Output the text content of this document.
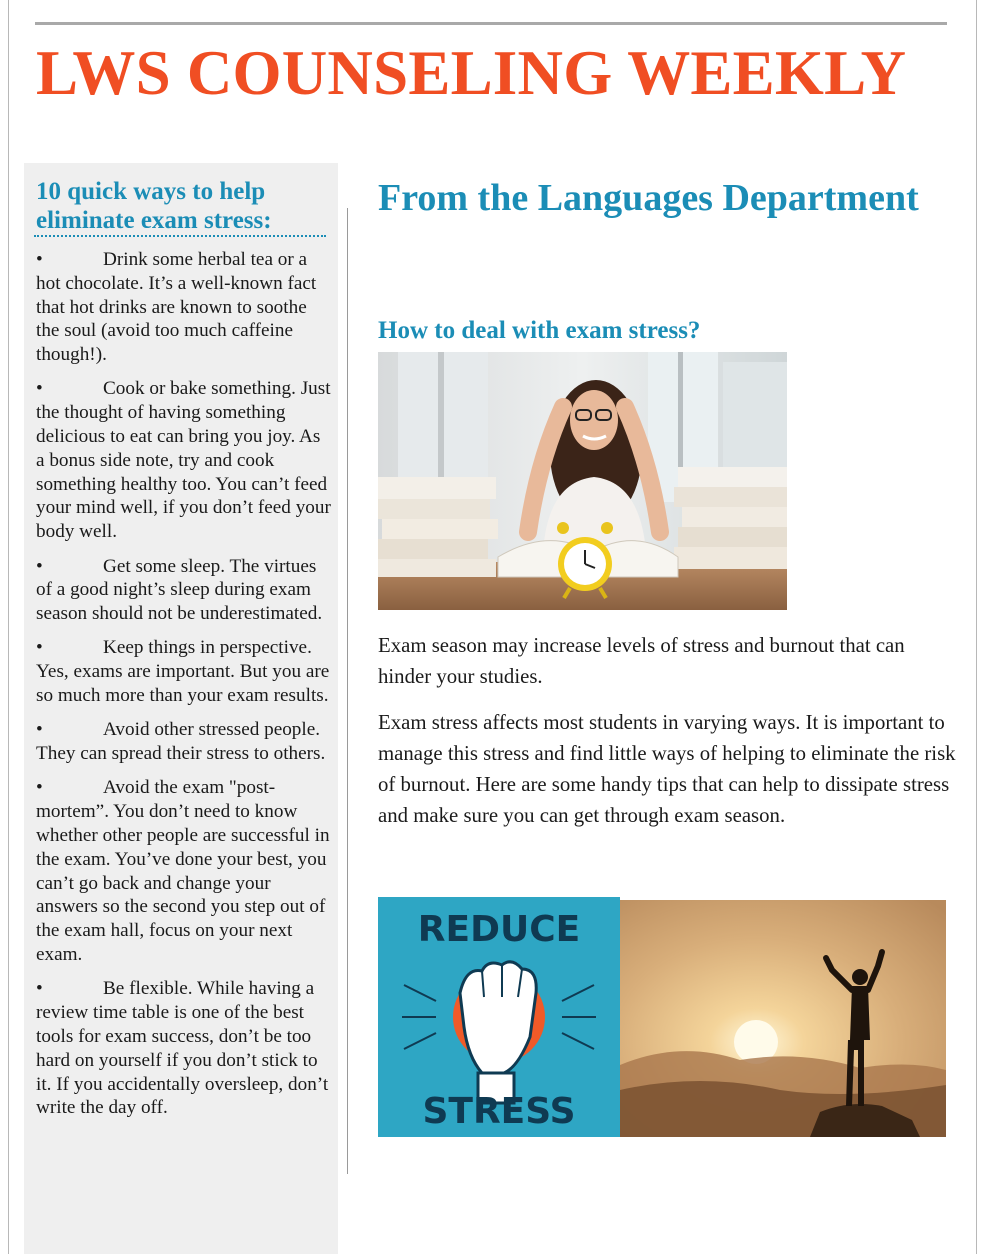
LWS COUNSELING WEEKLY
10 quick ways to help eliminate exam stress:

•	Drink some herbal tea or a hot chocolate. It’s a well-known fact that hot drinks are known to soothe the soul (avoid too much caffeine though!).

•	Cook or bake something. Just the thought of having something delicious to eat can bring you joy. As a bonus side note, try and cook something healthy too. You can’t feed your mind well, if you don’t feed your body well.

•	Get some sleep. The virtues of a good night’s sleep during exam season should not be underestimated.

•	Keep things in perspective. Yes, exams are important. But you are so much more than your exam results.

•	Avoid other stressed people. They can spread their stress to others.

•	Avoid the exam "post-mortem”. You don’t need to know whether other people are successful in the exam. You’ve done your best, you can’t go back and change your answers so the second you step out of the exam hall, focus on your next exam.

•	Be flexible. While having a review time table is one of the best tools for exam success, don’t be too hard on yourself if you don’t stick to it. If you accidentally oversleep, don’t write the day off.

From the Languages Department
How to deal with exam stress?

Exam season may increase levels of stress and burnout that can hinder your studies.

Exam stress affects most students in varying ways. It is important to manage this stress and find little ways of helping to eliminate the risk of burnout. Here are some handy tips that can help to dissipate stress and make sure you can get through exam season.

REDUCE
STRESS
